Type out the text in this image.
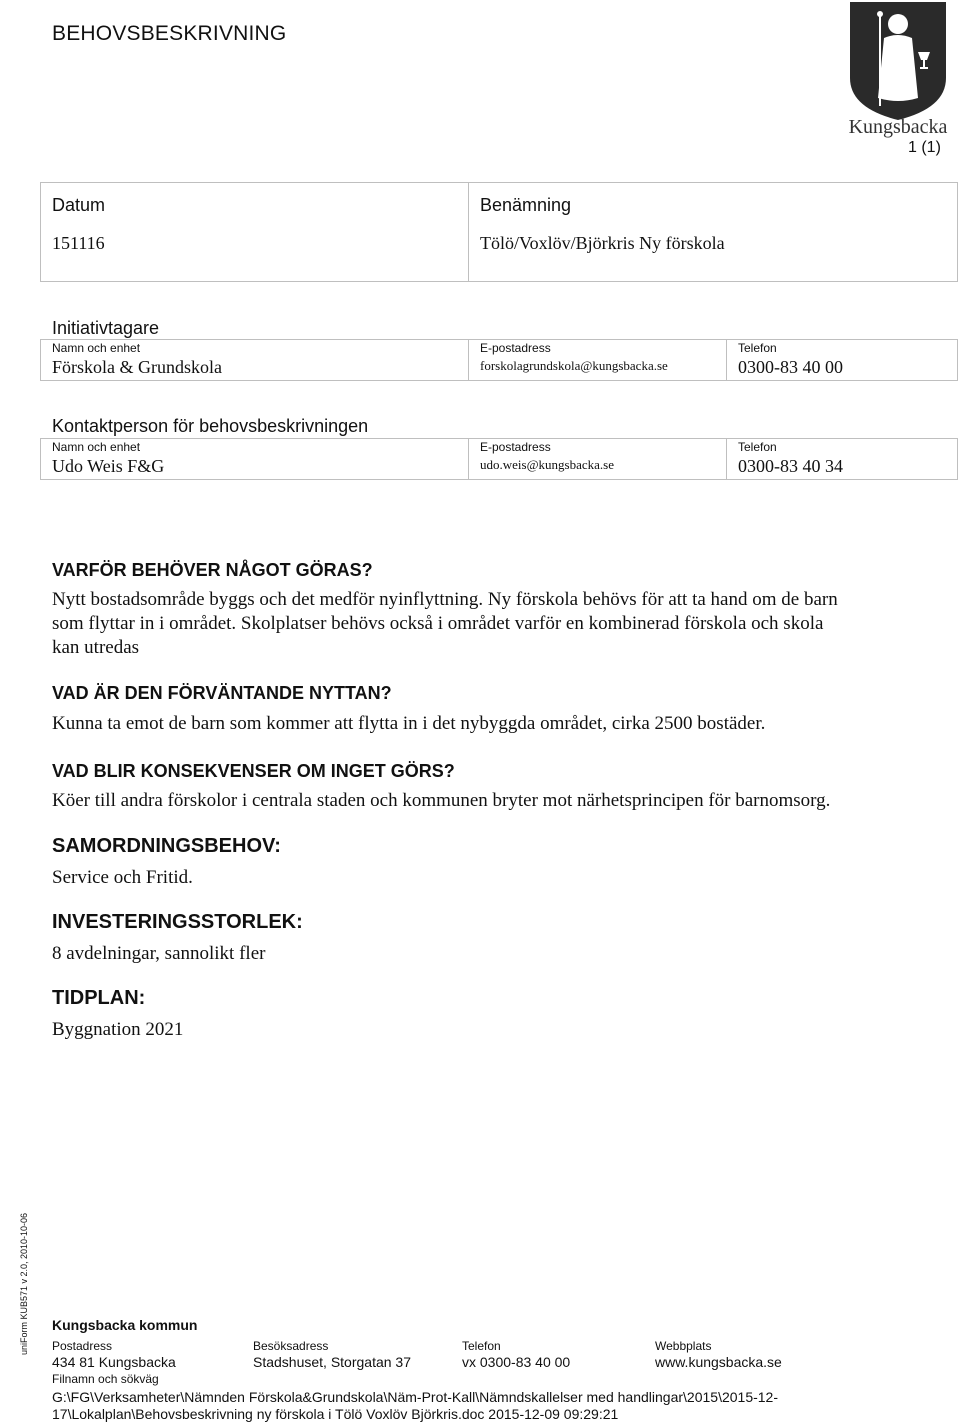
BEHOVSBESKRIVNING
Kungsbacka
1 (1)
Datum
151116
Benämning
Tölö/Voxlöv/Björkris Ny förskola
Initiativtagare
Namn och enhet
Förskola & Grundskola
E-postadress
forskolagrundskola@kungsbacka.se
Telefon
0300-83 40 00
Kontaktperson för behovsbeskrivningen
Namn och enhet
Udo Weis F&G
E-postadress
udo.weis@kungsbacka.se
Telefon
0300-83 40 34
VARFÖR BEHÖVER NÅGOT GÖRAS?
Nytt bostadsområde byggs och det medför nyinflyttning. Ny förskola behövs för att ta hand om de barn
som flyttar in i området. Skolplatser behövs också i området varför en kombinerad förskola och skola
kan utredas
VAD ÄR DEN FÖRVÄNTANDE NYTTAN?
Kunna ta emot de barn som kommer att flytta in i det nybyggda området, cirka 2500 bostäder.
VAD BLIR KONSEKVENSER OM INGET GÖRS?
Köer till andra förskolor i centrala staden och kommunen bryter mot närhetsprincipen för barnomsorg.
SAMORDNINGSBEHOV:
Service och Fritid.
INVESTERINGSSTORLEK:
8 avdelningar, sannolikt fler
TIDPLAN:
Byggnation 2021
uniForm KUB571 v 2.0, 2010-10-06 Kungsbacka kommun
Postadress
434 81 Kungsbacka
Besöksadress
Stadshuset, Storgatan 37
Telefon
vx 0300-83 40 00
Webbplats
www.kungsbacka.se
Filnamn och sökväg
G:\FG\Verksamheter\Nämnden Förskola&Grundskola\Näm-Prot-Kall\Nämndskallelser med handlingar\2015\2015-12-
17\Lokalplan\Behovsbeskrivning ny förskola i Tölö Voxlöv Björkris.doc 2015-12-09 09:29:21
